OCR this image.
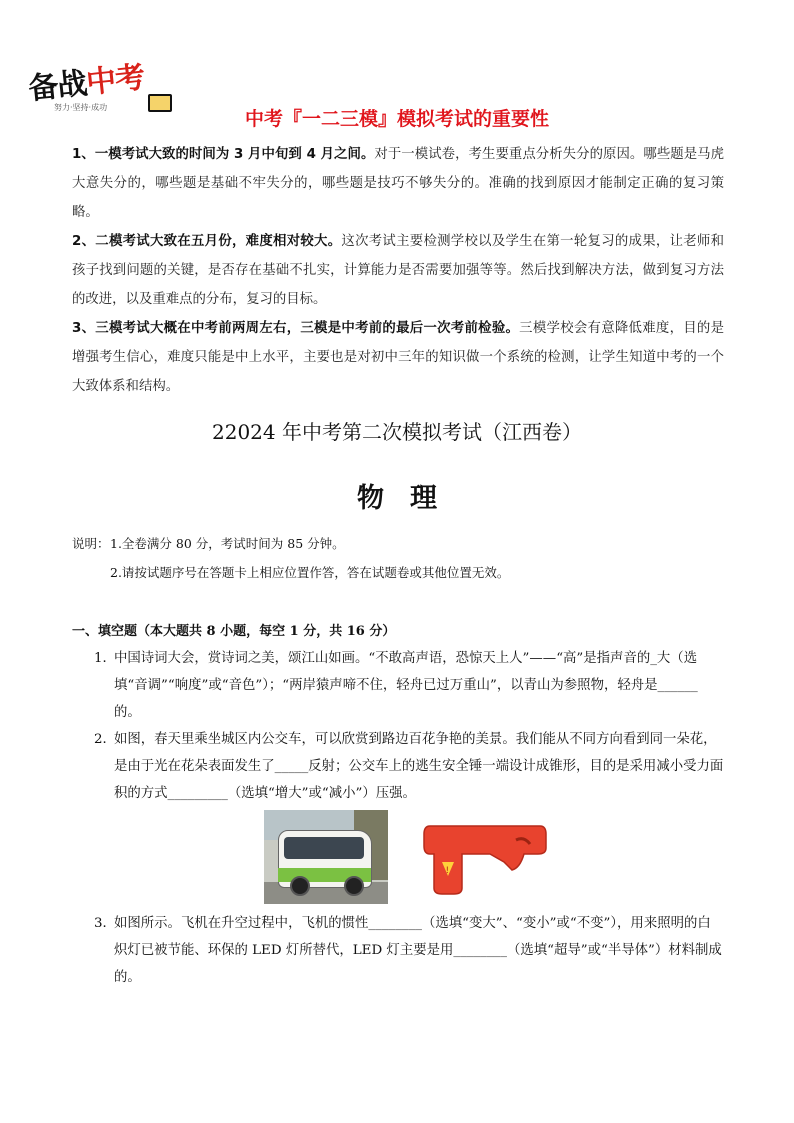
备战中考
努力·坚持·成功
中考『一二三模』模拟考试的重要性

1、一模考试大致的时间为 3 月中旬到 4 月之间。对于一模试卷，考生要重点分析失分的原因。哪些题是马虎大意失分的，哪些题是基础不牢失分的，哪些题是技巧不够失分的。准确的找到原因才能制定正确的复习策略。

2、二模考试大致在五月份，难度相对较大。这次考试主要检测学校以及学生在第一轮复习的成果，让老师和孩子找到问题的关键，是否存在基础不扎实，计算能力是否需要加强等等。然后找到解决方法，做到复习方法的改进，以及重难点的分布，复习的目标。

3、三模考试大概在中考前两周左右，三模是中考前的最后一次考前检验。三模学校会有意降低难度，目的是增强考生信心，难度只能是中上水平，主要也是对初中三年的知识做一个系统的检测，让学生知道中考的一个大致体系和结构。

22024 年中考第二次模拟考试（江西卷）
物理
说明： 1.全卷满分 80 分，考试时间为 85 分钟。
2.请按试题序号在答题卡上相应位置作答，答在试题卷或其他位置无效。
一、填空题（本大题共 8 小题，每空 1 分，共 16 分）

1．
中国诗词大会，赏诗词之美，颂江山如画。“不敢高声语，恐惊天上人”——“高”是指声音的_大（选填“音调”“响度”或“音色”）；“两岸猿声啼不住，轻舟已过万重山”，以青山为参照物，轻舟是______的。

2．
如图，春天里乘坐城区内公交车，可以欣赏到路边百花争艳的美景。我们能从不同方向看到同一朵花，是由于光在花朵表面发生了_____反射；公交车上的逃生安全锤一端设计成锥形，目的是采用减小受力面积的方式_________（选填“增大”或“减小”）压强。

!

3．
如图所示。飞机在升空过程中，飞机的惯性________（选填“变大”、“变小”或“不变”），用来照明的白炽灯已被节能、环保的 LED 灯所替代，LED 灯主要是用________（选填“超导”或“半导体”）材料制成的。
